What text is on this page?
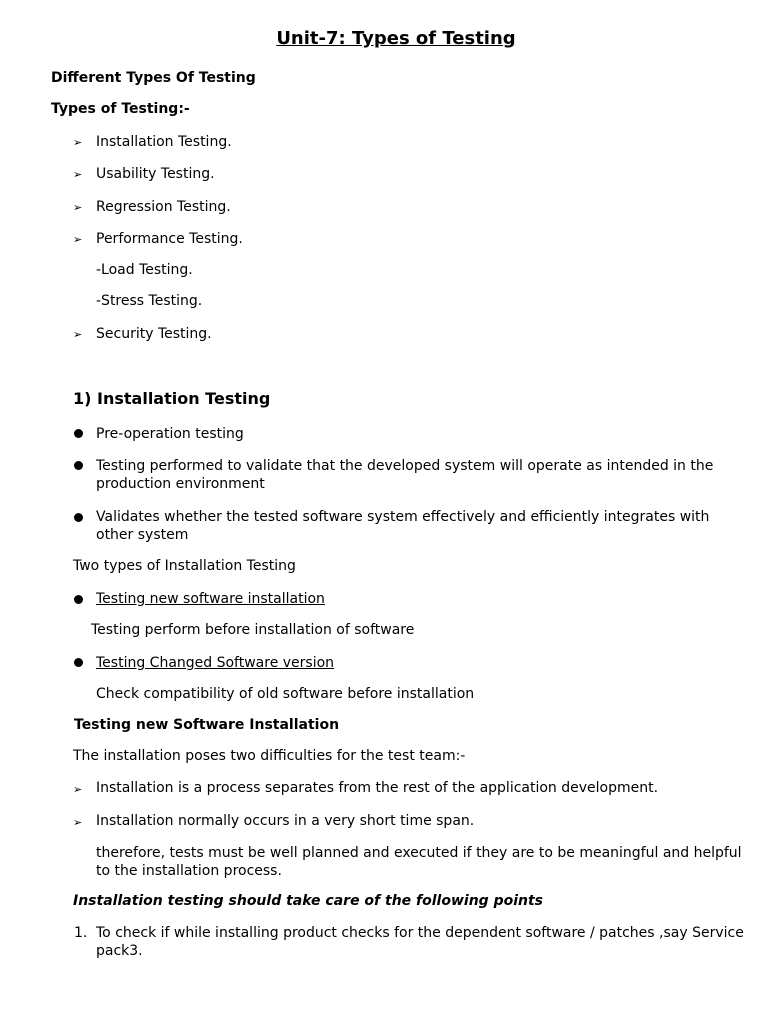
Unit-7: Types of Testing
Different Types Of Testing
Types of Testing:-
➢ Installation Testing.
➢ Usability Testing.
➢ Regression Testing.
➢ Performance Testing.
-Load Testing.
-Stress Testing.
➢ Security Testing.
1) Installation Testing
Pre-operation testing
Testing performed to validate that the developed system will operate as intended in the production environment
Validates whether the tested software system effectively and efficiently integrates with other system
Two types of Installation Testing
Testing new software installation
Testing perform before installation of software
Testing Changed Software version
Check compatibility of old software before installation
Testing new Software Installation
The installation poses two difficulties for the test team:-
➢ Installation is a process separates from the rest of the application development.
➢ Installation normally occurs in a very short time span.
therefore, tests must be well planned and executed if they are to be meaningful and helpful to the installation process.
Installation testing should take care of the following points
1. To check if while installing product checks for the dependent software / patches ,say Service pack3.
